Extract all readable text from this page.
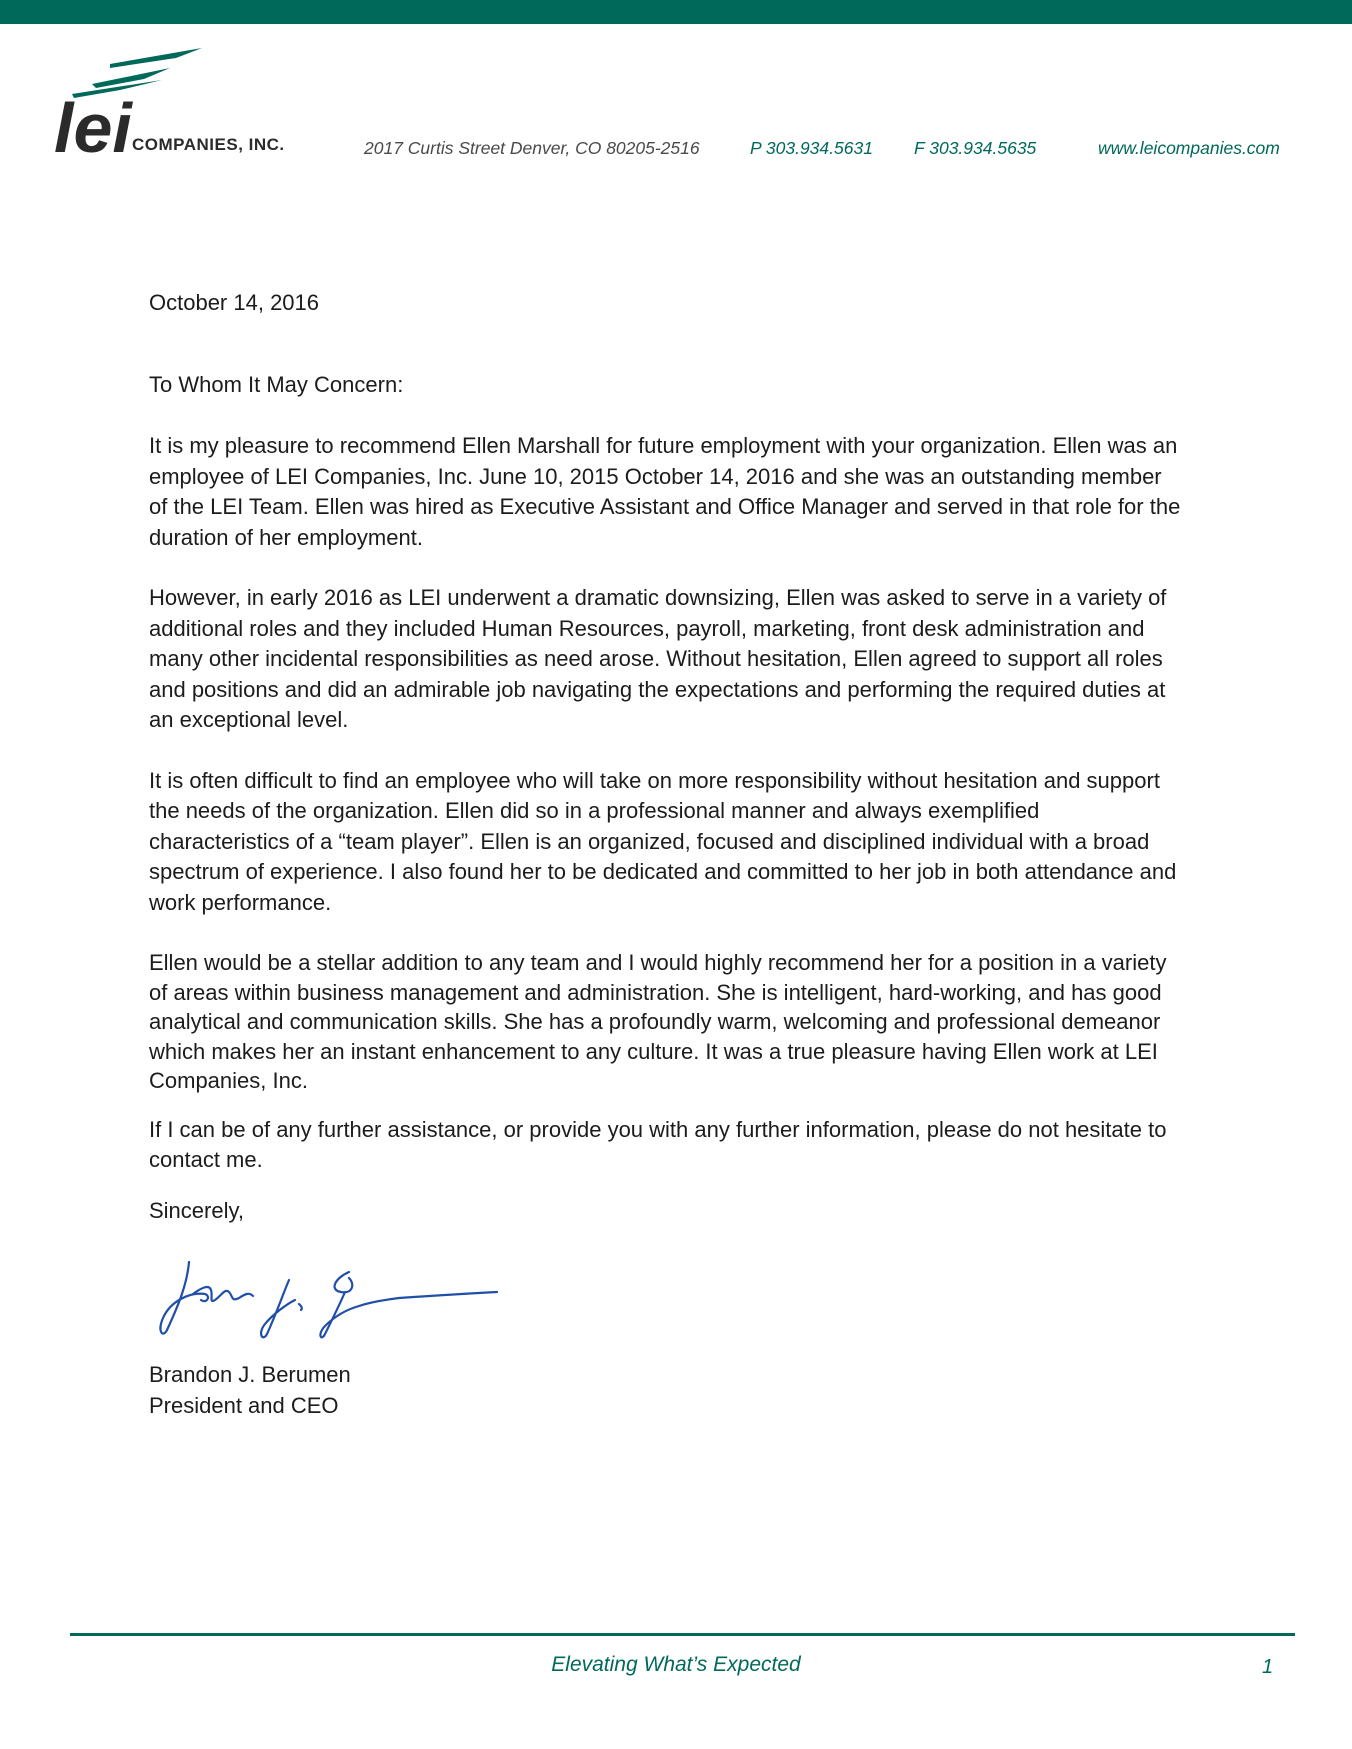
lei COMPANIES, INC.	2017 Curtis Street Denver, CO 80205-2516	P 303.934.5631 F 303.934.5635	www.leicompanies.com

October 14, 2016

To Whom It May Concern:

It is my pleasure to recommend Ellen Marshall for future employment with your organization. Ellen was an employee of LEI Companies, Inc. June 10, 2015 October 14, 2016 and she was an outstanding member of the LEI Team. Ellen was hired as Executive Assistant and Office Manager and served in that role for the duration of her employment.

However, in early 2016 as LEI underwent a dramatic downsizing, Ellen was asked to serve in a variety of additional roles and they included Human Resources, payroll, marketing, front desk administration and many other incidental responsibilities as need arose. Without hesitation, Ellen agreed to support all roles and positions and did an admirable job navigating the expectations and performing the required duties at an exceptional level.

It is often difficult to find an employee who will take on more responsibility without hesitation and support the needs of the organization. Ellen did so in a professional manner and always exemplified characteristics of a “team player”. Ellen is an organized, focused and disciplined individual with a broad spectrum of experience. I also found her to be dedicated and committed to her job in both attendance and work performance.

Ellen would be a stellar addition to any team and I would highly recommend her for a position in a variety of areas within business management and administration. She is intelligent, hard-working, and has good analytical and communication skills. She has a profoundly warm, welcoming and professional demeanor which makes her an instant enhancement to any culture. It was a true pleasure having Ellen work at LEI Companies, Inc.

If I can be of any further assistance, or provide you with any further information, please do not hesitate to contact me.

Sincerely,

Brandon J. Berumen

President and CEO

Elevating What’s Expected	1
